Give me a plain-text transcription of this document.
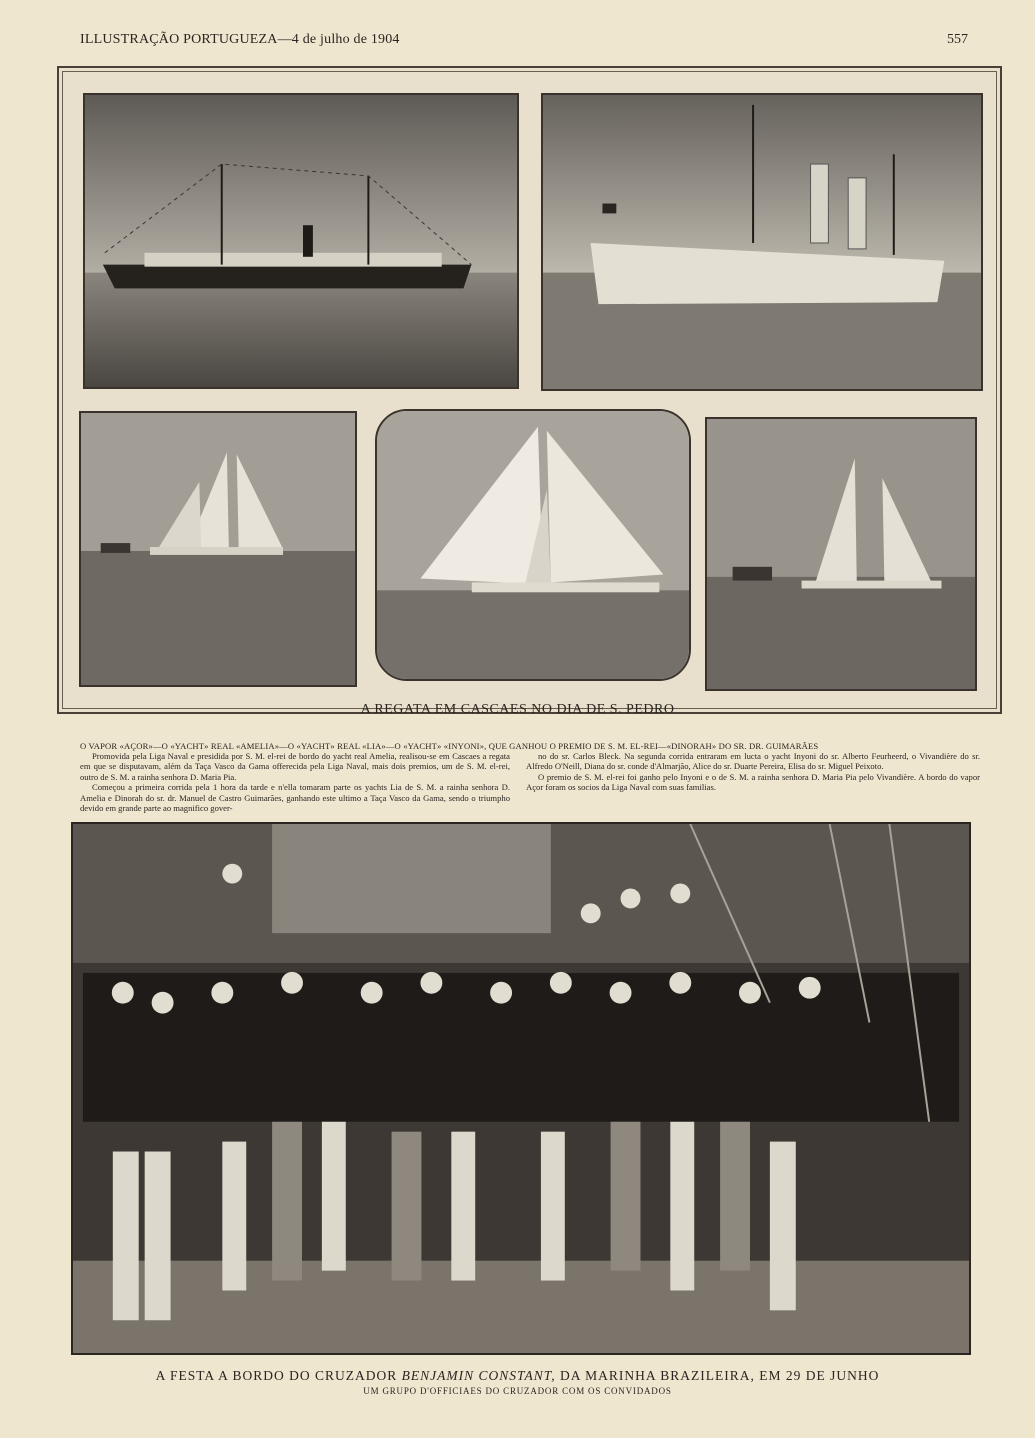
ILLUSTRAÇÃO PORTUGUEZA—4 de julho de 1904	557
A REGATA EM CASCAES NO DIA DE S. PEDRO
O VAPOR «AÇOR»—O «YACHT» REAL «AMELIA»—O «YACHT» REAL «LIA»—O «YACHT» «INYONI», QUE GANHOU O PREMIO DE S. M. EL-REI—«DINORAH» DO SR. DR. GUIMARÃES

Promovida pela Liga Naval e presidida por S. M. el-rei de bordo do yacht real Amelia, realisou-se em Cascaes a regata em que se disputavam, além da Taça Vasco da Gama offerecida pela Liga Naval, mais dois premios, um de S. M. el-rei, outro de S. M. a rainha senhora D. Maria Pia.

Começou a primeira corrida pela 1 hora da tarde e n'ella tomaram parte os yachts Lia de S. M. a rainha senhora D. Amelia e Dinorah do sr. dr. Manuel de Castro Guimarães, ganhando este ultimo a Taça Vasco da Gama, sendo o triumpho devido em grande parte ao magnifico gover-

no do sr. Carlos Bleck. Na segunda corrida entraram em lucta o yacht Inyoni do sr. Alberto Feurheerd, o Vivandière do sr. Alfredo O'Neill, Diana do sr. conde d'Almarjão, Alice do sr. Duarte Pereira, Elisa do sr. Miguel Peixoto.

O premio de S. M. el-rei foi ganho pelo Inyoni e o de S. M. a rainha senhora D. Maria Pia pelo Vivandière. A bordo do vapor Açor foram os socios da Liga Naval com suas familias.

A FESTA A BORDO DO CRUZADOR BENJAMIN CONSTANT, DA MARINHA BRAZILEIRA, EM 29 DE JUNHO
UM GRUPO D'OFFICIAES DO CRUZADOR COM OS CONVIDADOS
